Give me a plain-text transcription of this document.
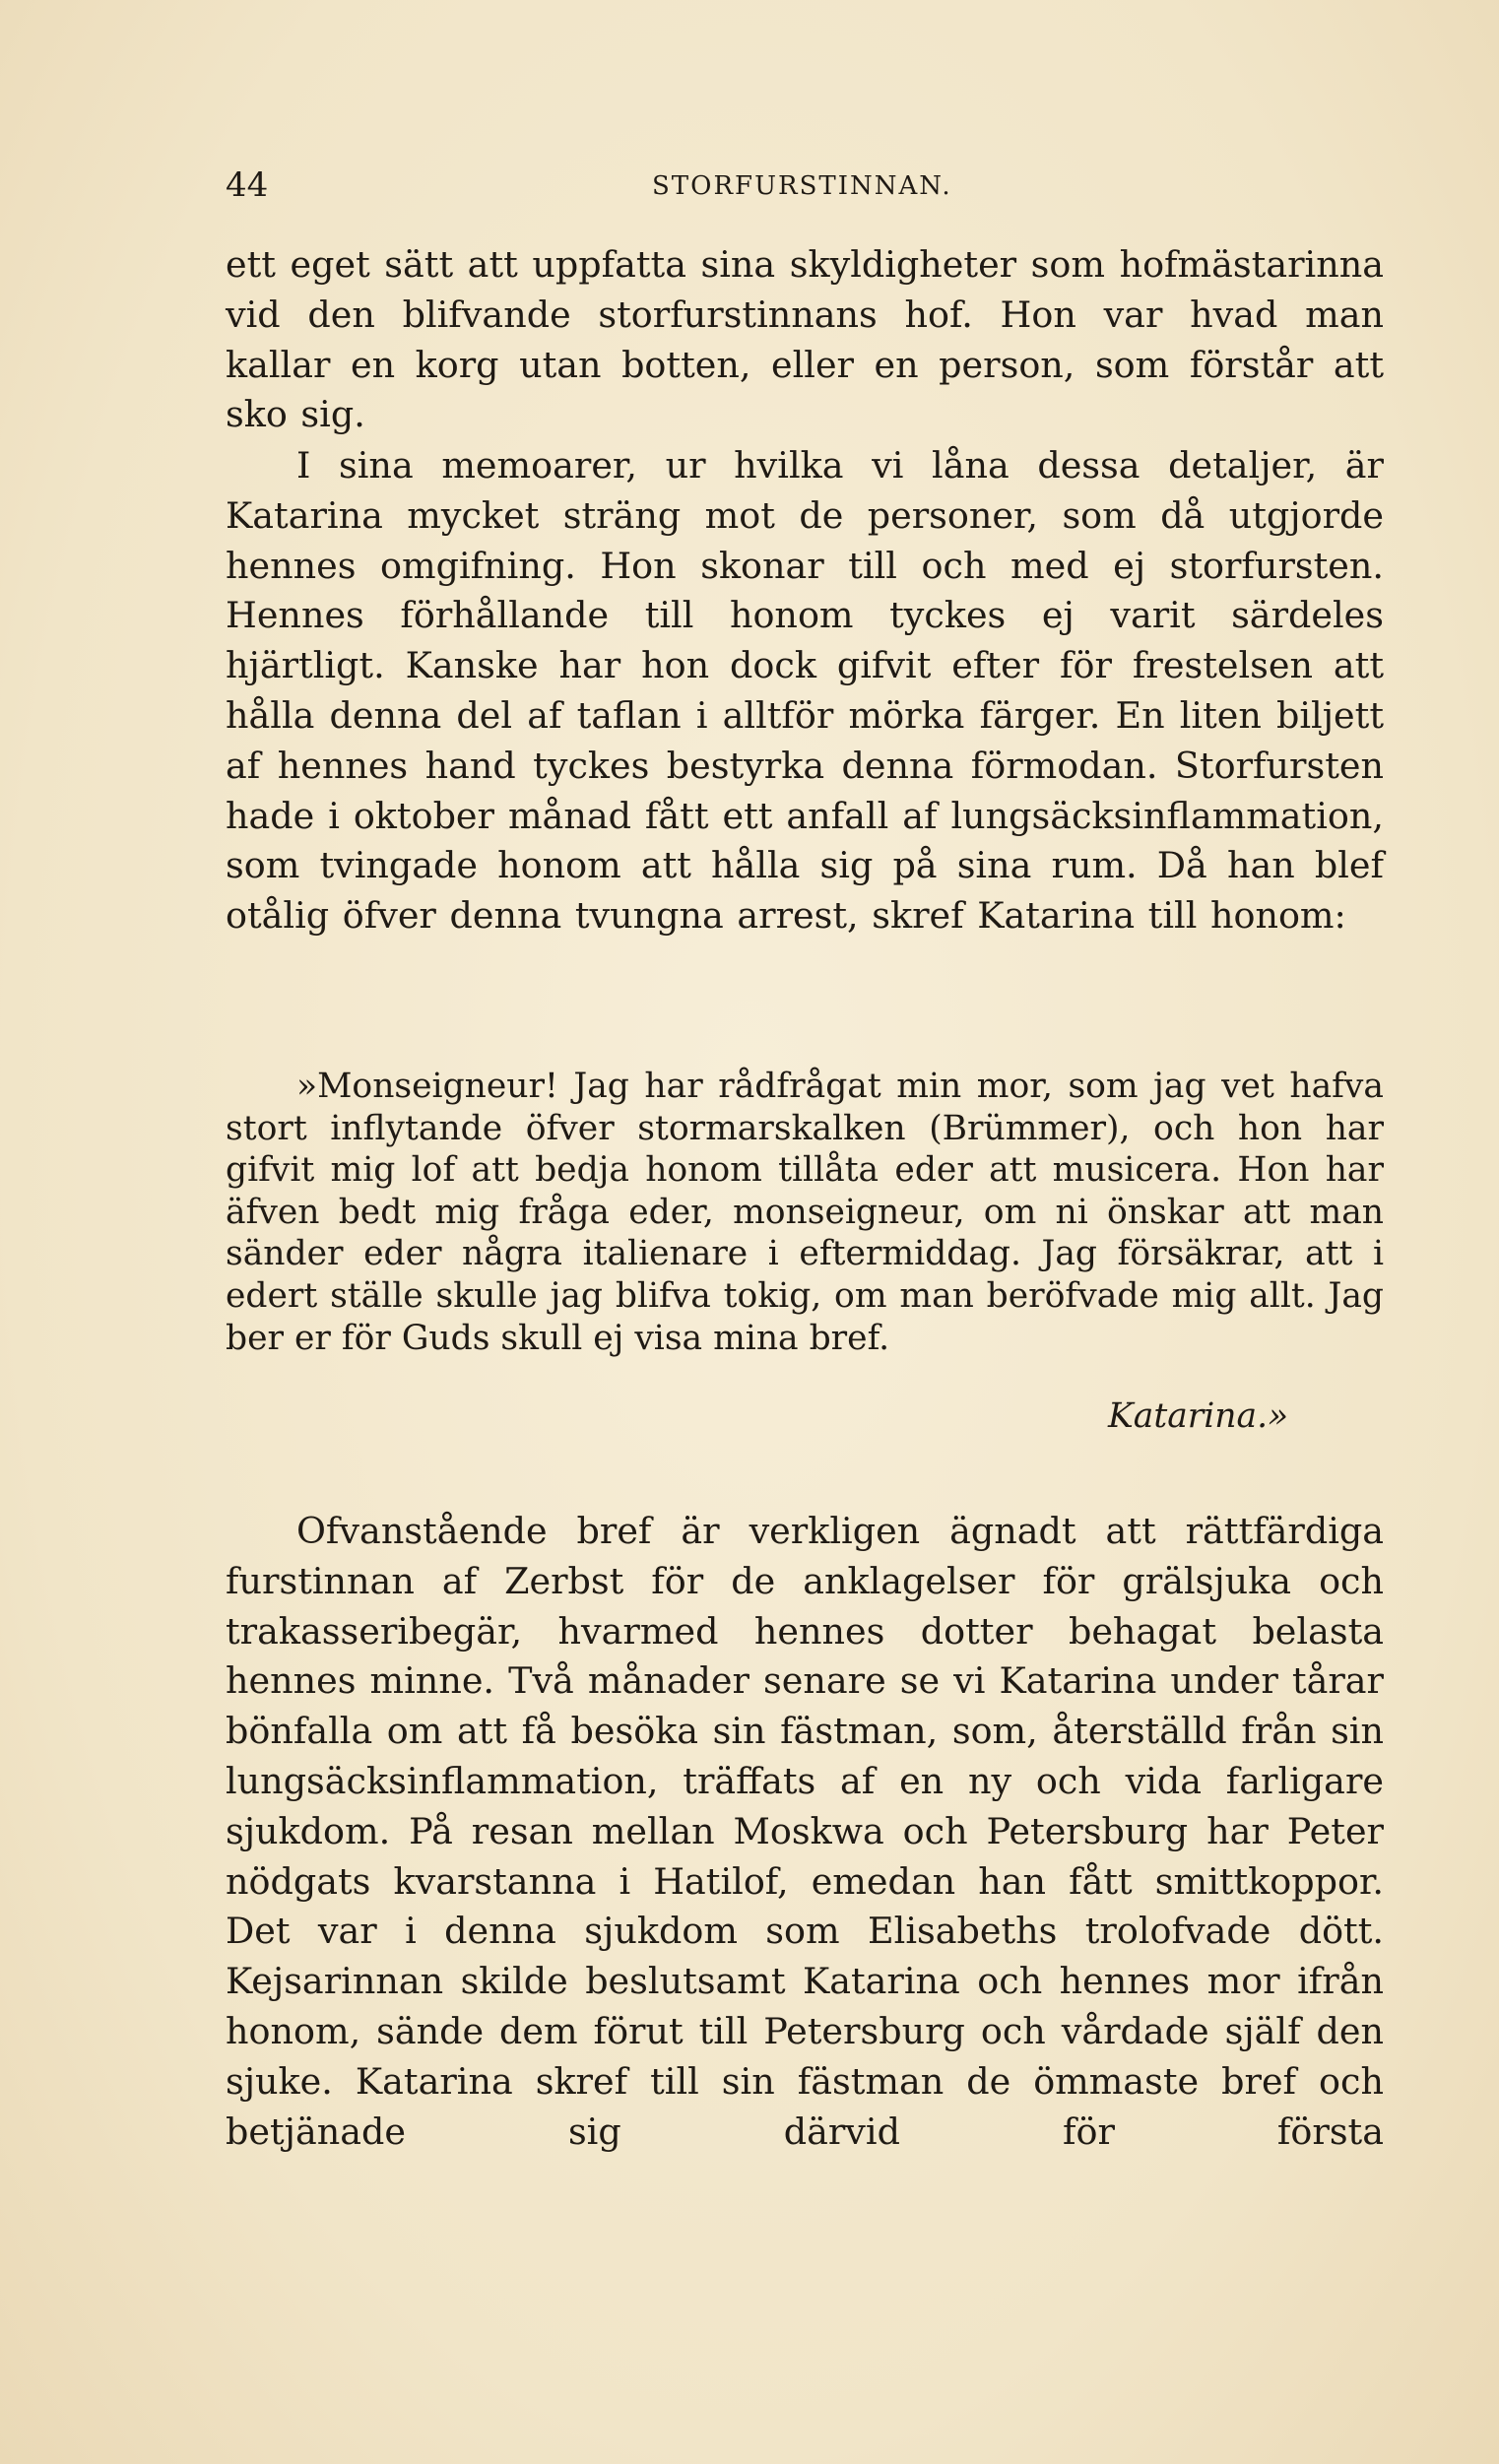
44	STORFURSTINNAN.

ett eget sätt att uppfatta sina skyldigheter som hofmästarinna vid den blifvande storfurstinnans hof. Hon var hvad man kallar en korg utan botten, eller en person, som förstår att sko sig.

I sina memoarer, ur hvilka vi låna dessa detaljer, är Katarina mycket sträng mot de personer, som då utgjorde hennes omgifning. Hon skonar till och med ej storfursten. Hennes förhållande till honom tyckes ej varit särdeles hjärtligt. Kanske har hon dock gifvit efter för frestelsen att hålla denna del af taflan i alltför mörka färger. En liten biljett af hennes hand tyckes bestyrka denna förmodan. Storfursten hade i oktober månad fått ett anfall af lungsäcksinflammation, som tvingade honom att hålla sig på sina rum. Då han blef otålig öfver denna tvungna arrest, skref Katarina till honom:

»Monseigneur! Jag har rådfrågat min mor, som jag vet hafva stort inflytande öfver stormarskalken (Brümmer), och hon har gifvit mig lof att bedja honom tillåta eder att musicera. Hon har äfven bedt mig fråga eder, monseigneur, om ni önskar att man sänder eder några italienare i eftermiddag. Jag försäkrar, att i edert ställe skulle jag blifva tokig, om man beröfvade mig allt. Jag ber er för Guds skull ej visa mina bref.

Katarina.»

Ofvanstående bref är verkligen ägnadt att rättfärdiga furstinnan af Zerbst för de anklagelser för grälsjuka och trakasseribegär, hvarmed hennes dotter behagat belasta hennes minne. Två månader senare se vi Katarina under tårar bönfalla om att få besöka sin fästman, som, återställd från sin lungsäcksinflammation, träffats af en ny och vida farligare sjukdom. På resan mellan Moskwa och Petersburg har Peter nödgats kvarstanna i Hatilof, emedan han fått smittkoppor. Det var i denna sjukdom som Elisabeths trolofvade dött. Kejsarinnan skilde beslutsamt Katarina och hennes mor ifrån honom, sände dem förut till Petersburg och vårdade själf den sjuke. Katarina skref till sin fästman de ömmaste bref och betjänade sig därvid för första
